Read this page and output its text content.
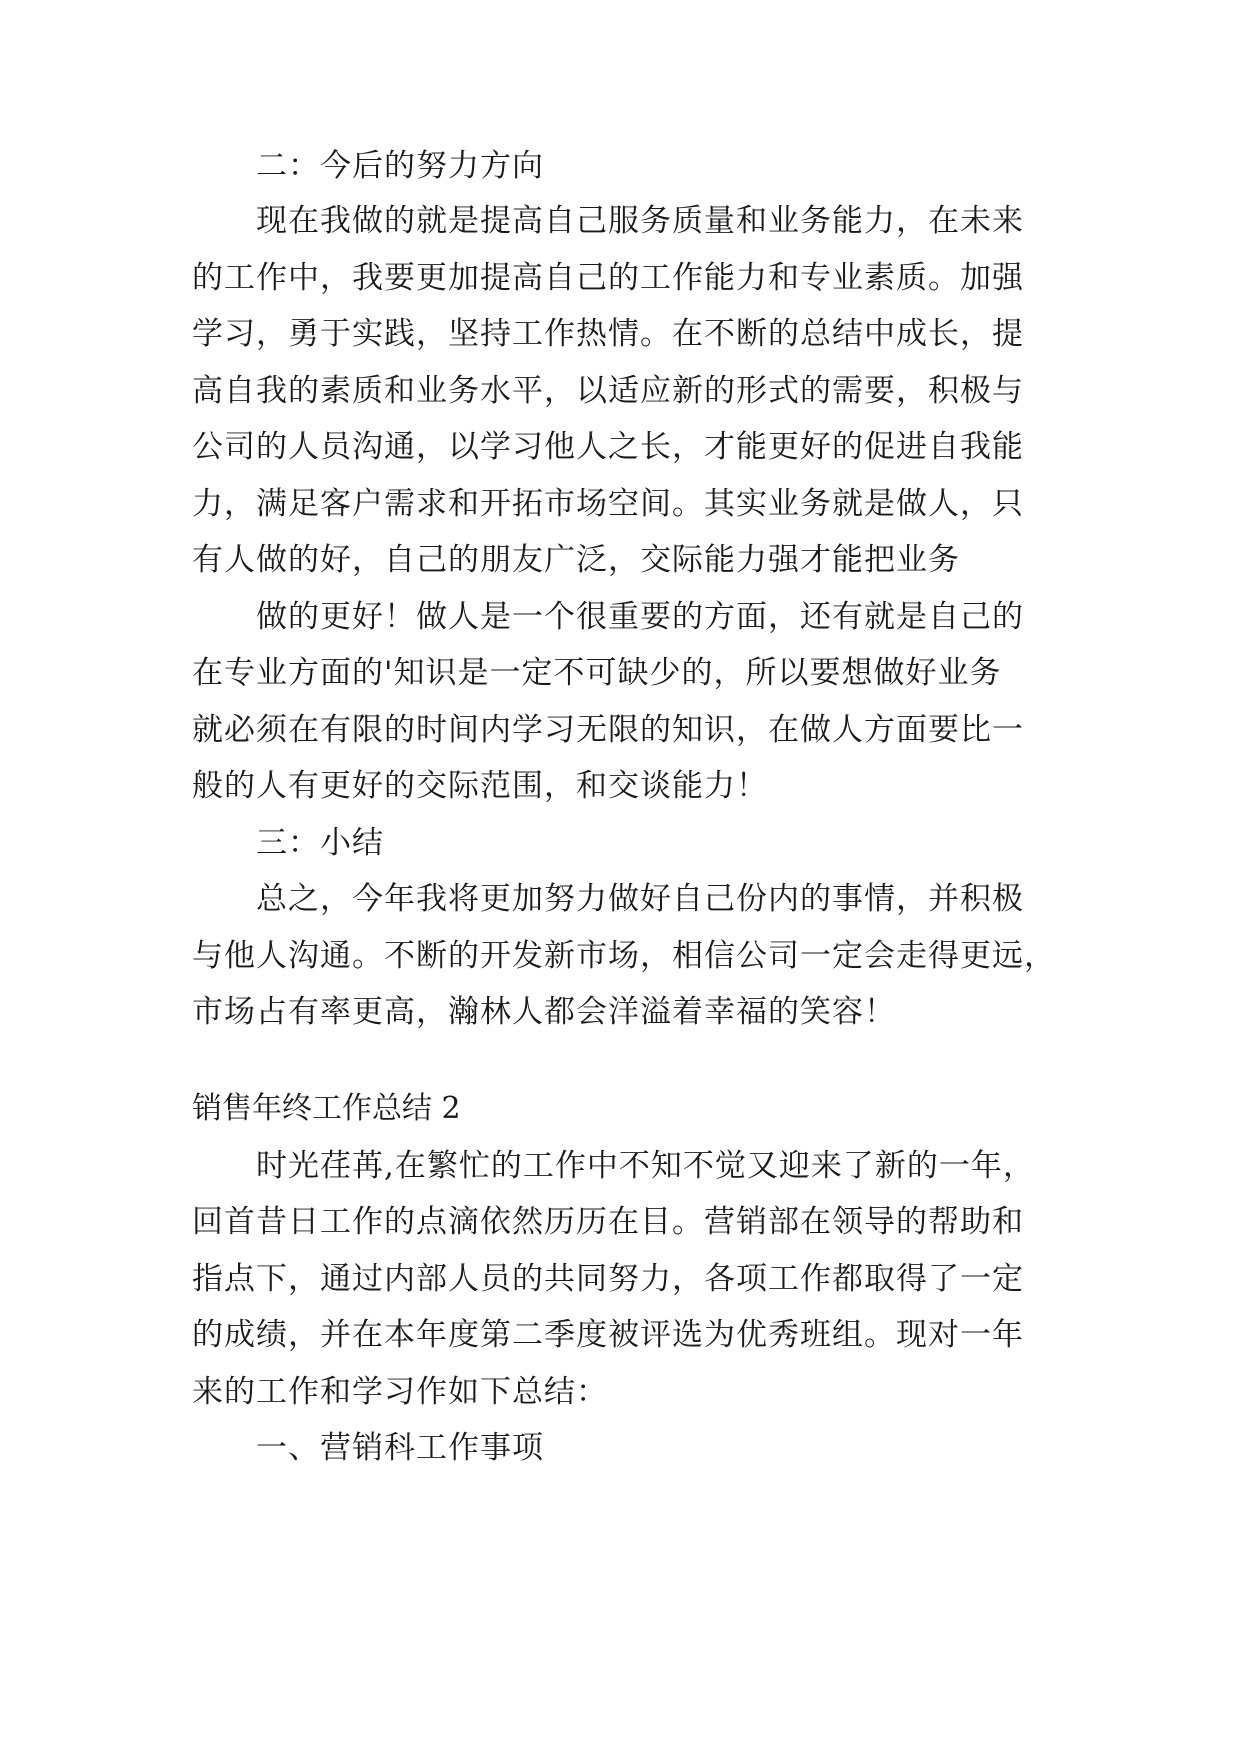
二：今后的努力方向
现在我做的就是提高自己服务质量和业务能力，在未来
的工作中，我要更加提高自己的工作能力和专业素质。加强
学习，勇于实践，坚持工作热情。在不断的总结中成长，提
高自我的素质和业务水平，以适应新的形式的需要，积极与
公司的人员沟通，以学习他人之长，才能更好的促进自我能
力，满足客户需求和开拓市场空间。其实业务就是做人，只
有人做的好，自己的朋友广泛，交际能力强才能把业务
做的更好！做人是一个很重要的方面，还有就是自己的
在专业方面的'知识是一定不可缺少的，所以要想做好业务
就必须在有限的时间内学习无限的知识，在做人方面要比一
般的人有更好的交际范围，和交谈能力！
三：小结
总之，今年我将更加努力做好自己份内的事情，并积极
与他人沟通。不断的开发新市场，相信公司一定会走得更远，
市场占有率更高，瀚林人都会洋溢着幸福的笑容！
销售年终工作总结 2
时光荏苒,在繁忙的工作中不知不觉又迎来了新的一年，
回首昔日工作的点滴依然历历在目。营销部在领导的帮助和
指点下，通过内部人员的共同努力，各项工作都取得了一定
的成绩，并在本年度第二季度被评选为优秀班组。现对一年
来的工作和学习作如下总结：
一、营销科工作事项
